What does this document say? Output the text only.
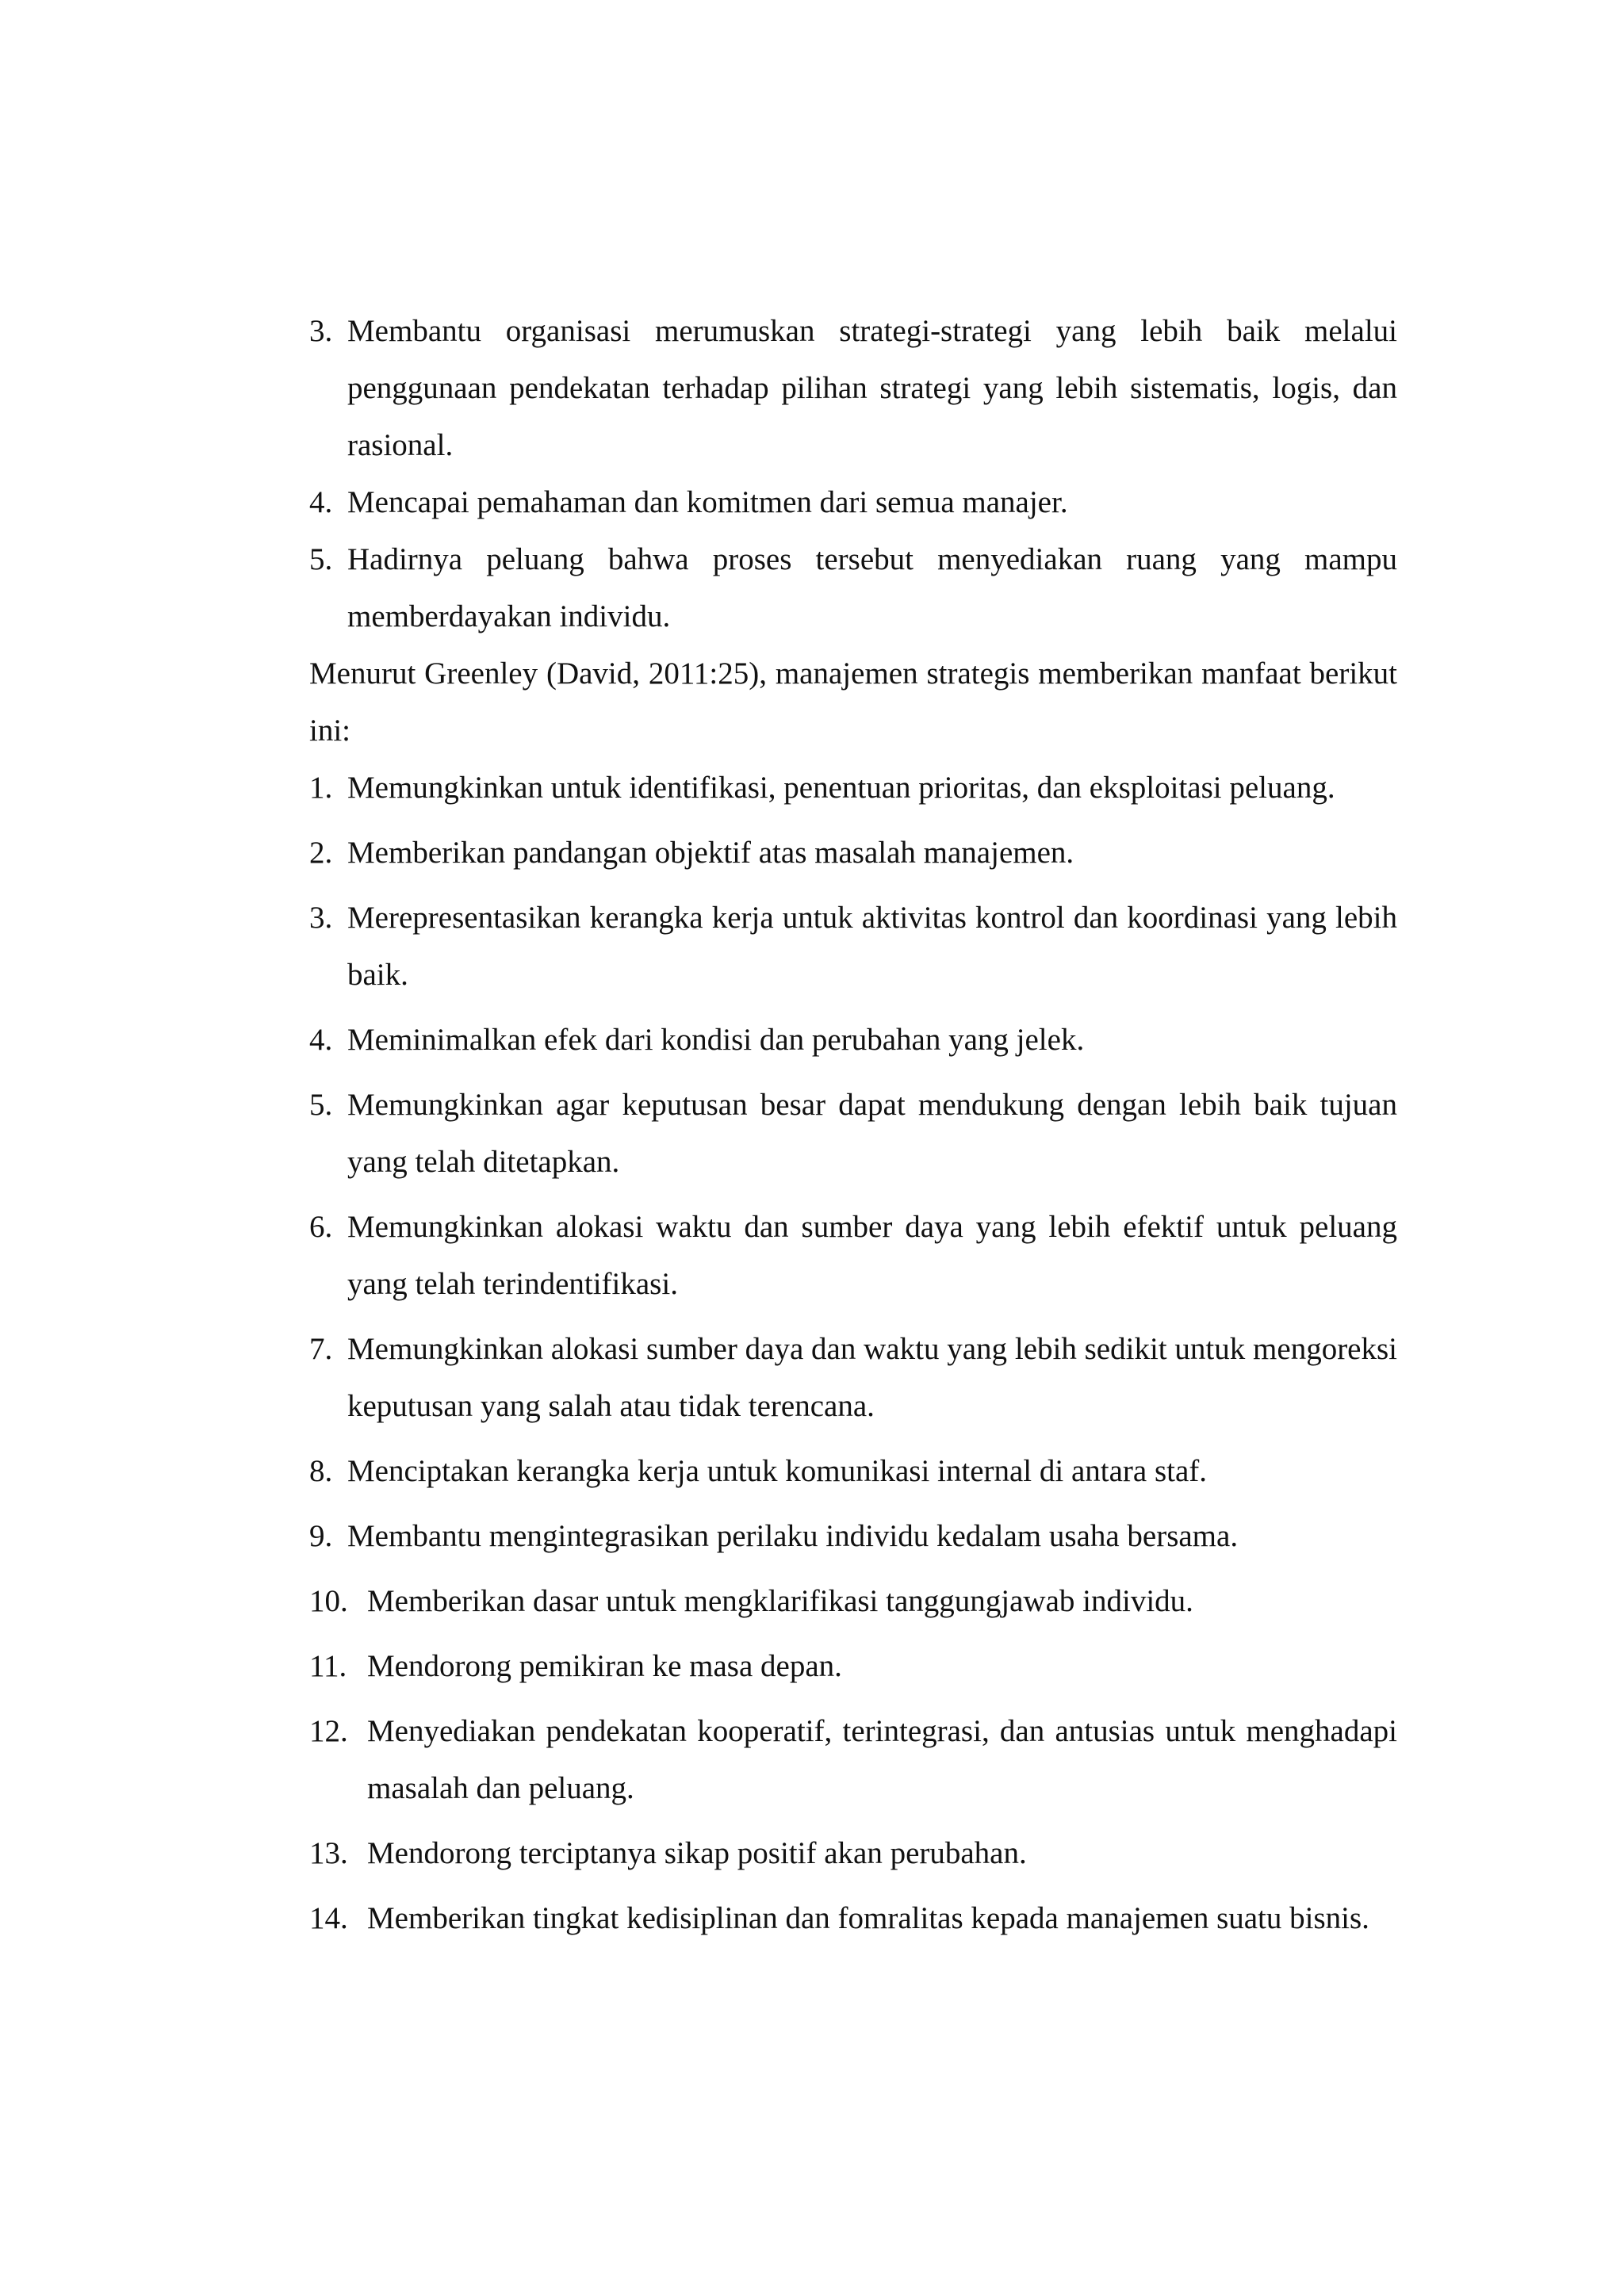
3. Membantu organisasi merumuskan strategi-strategi yang lebih baik melalui penggunaan pendekatan terhadap pilihan strategi yang lebih sistematis, logis, dan rasional.
4. Mencapai pemahaman dan komitmen dari semua manajer.
5. Hadirnya peluang bahwa proses tersebut menyediakan ruang yang mampu memberdayakan individu.

Menurut Greenley (David, 2011:25), manajemen strategis memberikan manfaat berikut ini:

1. Memungkinkan untuk identifikasi, penentuan prioritas, dan eksploitasi peluang.
2. Memberikan pandangan objektif atas masalah manajemen.
3. Merepresentasikan kerangka kerja untuk aktivitas kontrol dan koordinasi yang lebih baik.
4. Meminimalkan efek dari kondisi dan perubahan yang jelek.
5. Memungkinkan agar keputusan besar dapat mendukung dengan lebih baik tujuan yang telah ditetapkan.
6. Memungkinkan alokasi waktu dan sumber daya yang lebih efektif untuk peluang yang telah terindentifikasi.
7. Memungkinkan alokasi sumber daya dan waktu yang lebih sedikit untuk mengoreksi keputusan yang salah atau tidak terencana.
8. Menciptakan kerangka kerja untuk komunikasi internal di antara staf.
9. Membantu mengintegrasikan perilaku individu kedalam usaha bersama.
10. Memberikan dasar untuk mengklarifikasi tanggungjawab individu.
11. Mendorong pemikiran ke masa depan.
12. Menyediakan pendekatan kooperatif, terintegrasi, dan antusias untuk menghadapi masalah dan peluang.
13. Mendorong terciptanya sikap positif akan perubahan.
14. Memberikan tingkat kedisiplinan dan fomralitas kepada manajemen suatu bisnis.
